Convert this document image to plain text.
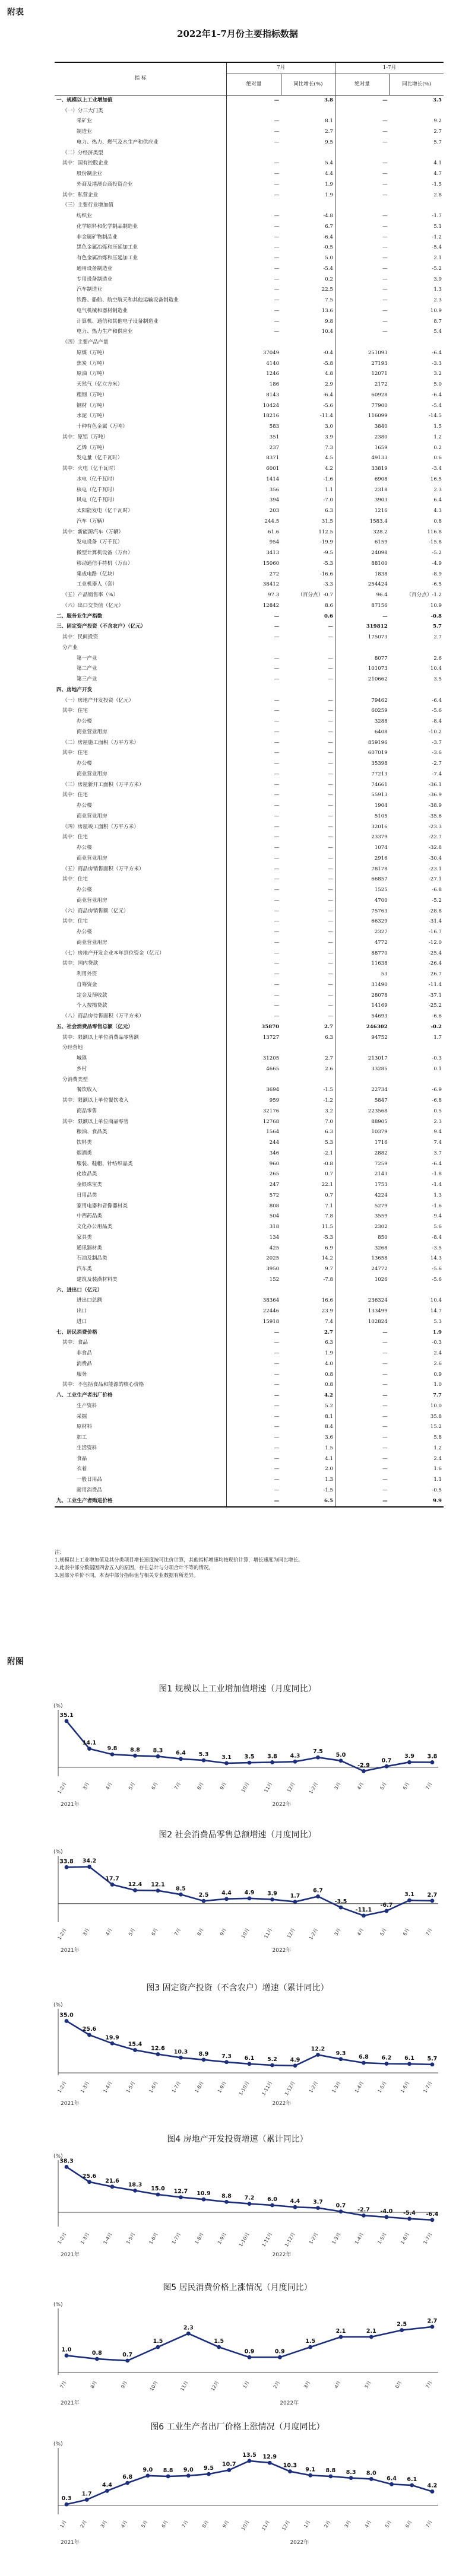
附表
2022年1-7月份主要指标数据
指 标	7月		1-7月	
	绝对量	同比增长(%)	绝对量	同比增长(%)
一、规模以上工业增加值	—	3.8	—	3.5
（一）分三大门类				
采矿业	—	8.1	—	9.2
制造业	—	2.7	—	2.7
电力、热力、燃气及水生产和供应业	—	9.5	—	5.7
（二）分经济类型				
其中：国有控股企业	—	5.4	—	4.1
股份制企业	—	4.4	—	4.7
外商及港澳台商投资企业	—	1.9	—	-1.5
其中：私营企业	—	1.9	—	2.8
（三）主要行业增加值				
纺织业	—	-4.8	—	-1.7
化学原料和化学制品制造业	—	6.7	—	5.1
非金属矿物制品业	—	-6.4	—	-1.2
黑色金属冶炼和压延加工业	—	-0.5	—	-5.4
有色金属冶炼和压延加工业	—	5.0	—	2.1
通用设备制造业	—	-5.4	—	-5.2
专用设备制造业	—	0.2	—	3.9
汽车制造业	—	22.5	—	1.3
铁路、船舶、航空航天和其他运输设备制造业	—	7.5	—	2.3
电气机械和器材制造业	—	13.6	—	10.9
计算机、通信和其他电子设备制造业	—	9.8	—	8.7
电力、热力生产和供应业	—	10.4	—	5.4
（四）主要产品产量				
原煤（万吨）	37049	-0.4	251093	-6.4
焦炭（万吨）	4140	-5.8	27193	-3.3
原油（万吨）	1246	4.8	12071	3.2
天然气（亿立方米）	186	2.9	2172	5.0
粗钢（万吨）	8143	-6.4	60928	-6.4
钢材（万吨）	10424	-5.6	77900	-5.4
水泥（万吨）	18216	-11.4	116099	-14.5
十种有色金属（万吨）	583	3.0	3840	1.5
其中：原铝（万吨）	351	3.9	2380	1.2
乙烯（万吨）	237	7.3	1659	0.2
发电量（亿千瓦时）	8371	4.5	49133	0.6
其中：火电（亿千瓦时）	6001	4.2	33819	-3.4
水电（亿千瓦时）	1414	-1.6	6908	16.5
核电（亿千瓦时）	356	1.1	2318	2.3
风电（亿千瓦时）	394	-7.0	3903	6.4
太阳能发电（亿千瓦时）	203	6.3	1216	4.3
汽车（万辆）	244.5	31.5	1583.4	0.8
其中：新能源汽车（万辆）	61.6	112.5	328.2	116.8
发电设备（万千瓦）	954	-19.9	6159	-15.8
微型计算机设备（万台）	3413	-9.5	24098	-5.2
移动通信手持机（万台）	15060	-5.3	88100	-4.9
集成电路（亿块）	272	-16.6	1838	-8.9
工业机器人（套）	38412	-3.3	254424	-6.5
（五）产品销售率（%）	97.3	（百分点）-0.7	96.4	（百分点）-1.2
（六）出口交货值（亿元）	12842	8.6	87156	10.9
二、服务业生产指数	—	0.6	—	-0.8
三、固定资产投资（不含农户）（亿元）	—	—	319812	5.7
其中：民间投资	—	—	175073	2.7
分产业				
第一产业	—	—	8077	2.6
第二产业	—	—	101073	10.4
第三产业	—	—	210662	3.5
四、房地产开发				
（一）房地产开发投资（亿元）	—	—	79462	-6.4
其中：住宅	—	—	60259	-5.6
办公楼	—	—	3288	-8.4
商业营业用房	—	—	6408	-10.2
（二）房屋施工面积（万平方米）	—	—	859196	-3.7
其中：住宅	—	—	607019	-3.6
办公楼	—	—	35398	-2.7
商业营业用房	—	—	77213	-7.4
（三）房屋新开工面积（万平方米）	—	—	74661	-36.1
其中：住宅	—	—	55913	-36.9
办公楼	—	—	1904	-38.9
商业营业用房	—	—	5105	-35.6
（四）房屋竣工面积（万平方米）	—	—	32016	-23.3
其中：住宅	—	—	23379	-22.7
办公楼	—	—	1074	-32.8
商业营业用房	—	—	2916	-30.4
（五）商品房销售面积（万平方米）	—	—	78178	-23.1
其中：住宅	—	—	66857	-27.1
办公楼	—	—	1525	-6.8
商业营业用房	—	—	4700	-5.2
（六）商品房销售额（亿元）	—	—	75763	-28.8
其中：住宅	—	—	66329	-31.4
办公楼	—	—	2327	-16.7
商业营业用房	—	—	4772	-12.0
（七）房地产开发企业本年到位资金（亿元）	—	—	88770	-25.4
其中：国内贷款	—	—	11638	-26.4
利用外资	—	—	53	26.7
自筹资金	—	—	31490	-11.4
定金及预收款	—	—	28078	-37.1
个人按揭贷款	—	—	14169	-25.2
（八）商品房待售面积（万平方米）	—	—	54693	-6.6
五、社会消费品零售总额（亿元）	35870	2.7	246302	-0.2
其中：限额以上单位消费品零售额	13727	6.3	94752	1.7
分经营地				
城镇	31205	2.7	213017	-0.3
乡村	4665	2.6	33285	0.1
分消费类型				
餐饮收入	3694	-1.5	22734	-6.9
其中：限额以上单位餐饮收入	959	-1.2	5847	-6.8
商品零售	32176	3.2	223568	0.5
其中：限额以上单位商品零售	12768	7.0	88905	2.3
粮油、食品类	1564	6.3	10379	9.4
饮料类	244	5.3	1716	7.4
烟酒类	346	-2.1	2882	3.7
服装、鞋帽、针纺织品类	960	-0.8	7259	-6.4
化妆品类	265	0.7	2143	-1.8
金银珠宝类	247	22.1	1753	-1.4
日用品类	572	0.7	4224	1.3
家用电器和音像器材类	808	7.1	5279	-1.6
中西药品类	504	7.8	3559	9.4
文化办公用品类	318	11.5	2302	5.6
家具类	134	-5.3	850	-8.4
通讯器材类	425	6.9	3268	-3.5
石油及制品类	2025	14.2	13658	14.3
汽车类	3950	9.7	24772	-5.6
建筑及装潢材料类	152	-7.8	1026	-5.6
六、进出口（亿元）				
进出口总额	38364	16.6	236324	10.4
出口	22446	23.9	133499	14.7
进口	15918	7.4	102824	5.3
七、居民消费价格	—	2.7	—	1.9
其中：食品	—	6.3	—	-0.3
非食品	—	1.9	—	2.4
消费品	—	4.0	—	2.6
服务	—	0.8	—	0.9
其中：不包括食品和能源的核心价格	—	0.8	—	1.0
八、工业生产者出厂价格	—	4.2	—	7.7
生产资料	—	5.2	—	10.0
采掘	—	8.1	—	35.8
原材料	—	8.4	—	15.2
加工	—	3.6	—	5.8
生活资料	—	1.5	—	1.2
食品	—	4.1	—	2.4
衣着	—	2.0	—	1.6
一般日用品	—	1.3	—	1.1
耐用消费品	—	-1.5	—	-0.5
九、工业生产者购进价格	—	6.5	—	9.9

注：

1.规模以上工业增加值及其分类项目增长速度按可比价计算，其他指标增速均按现价计算，增长速度为同比增长。

2.此表中部分数据因四舍五入的原因，存在总计与分项合计不等的情况。

3.因部分单价不同，本表中部分指标值与相关专业数据有所差异。

附图
图1 规模以上工业增加值增速（月度同比）
(%)
35.1
1-2月
14.1
3月
9.8
4月
8.8
5月
8.3
6月
6.4
7月
5.3
8月
3.1
9月
3.5
10月
3.8
11月
4.3
12月
7.5
1-2月
5.0
3月
-2.9
4月
0.7
5月
3.9
6月
3.8
7月
2021年	2022年
图2 社会消费品零售总额增速（月度同比）
(%)
33.8
1-2月
34.2
3月
17.7
4月
12.4
5月
12.1
6月
8.5
7月
2.5
8月
4.4
9月
4.9
10月
3.9
11月
1.7
12月
6.7
1-2月
-3.5
3月
-11.1
4月
-6.7
5月
3.1
6月
2.7
7月
2021年	2022年
图3 固定资产投资（不含农户）增速（累计同比）
(%)
35.0
1-2月
25.6
1-3月
19.9
1-4月
15.4
1-5月
12.6
1-6月
10.3
1-7月
8.9
1-8月
7.3
1-9月
6.1
1-10月
5.2
1-11月
4.9
1-12月
12.2
1-2月
9.3
1-3月
6.8
1-4月
6.2
1-5月
6.1
1-6月
5.7
1-7月
2021年	2022年
图4 房地产开发投资增速（累计同比）
(%)
38.3
1-2月
25.6
1-3月
21.6
1-4月
18.3
1-5月
15.0
1-6月
12.7
1-7月
10.9
1-8月
8.8
1-9月
7.2
1-10月
6.0
1-11月
4.4
1-12月
3.7
1-2月
0.7
1-3月
-2.7
1-4月
-4.0
1-5月
-5.4
1-6月
-6.4
1-7月
2021年	2022年
图5 居民消费价格上涨情况（月度同比）
(%)
1.0
7月
0.8
8月
0.7
9月
1.5
10月
2.3
11月
1.5
12月
0.9
1月
0.9
2月
1.5
3月
2.1
4月
2.1
5月
2.5
6月
2.7
7月
2021年	2022年
图6 工业生产者出厂价格上涨情况（月度同比）
(%)
0.3
1月
1.7
2月
4.4
3月
6.8
4月
9.0
5月
8.8
6月
9.0
7月
9.5
8月
10.7
9月
13.5
10月
12.9
11月
10.3
12月
9.1
1月
8.8
2月
8.3
3月
8.0
4月
6.4
5月
6.1
6月
4.2
7月
2021年	2022年
